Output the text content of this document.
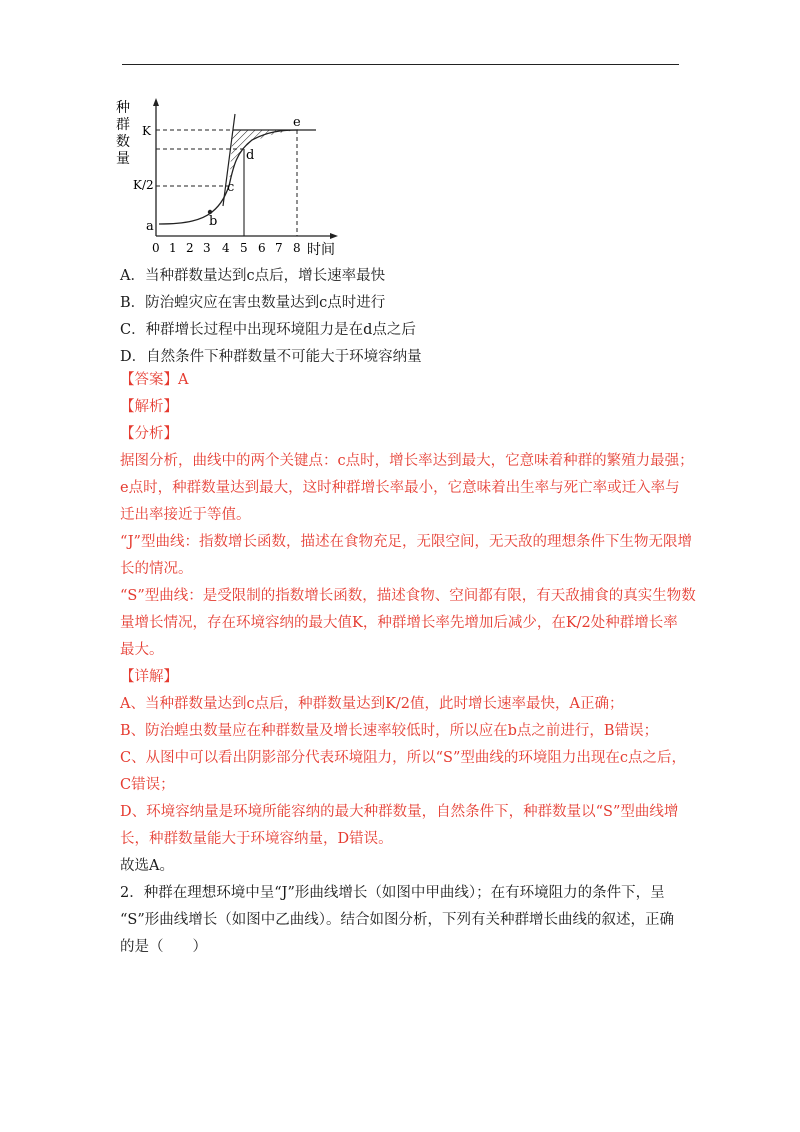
种
群
数
量
K
K/2
a	b
c
d
e
0 1 2 3 4 5 6 7 8 时间
A．当种群数量达到c点后，增长速率最快
B．防治蝗灾应在害虫数量达到c点时进行
C．种群增长过程中出现环境阻力是在d点之后
D．自然条件下种群数量不可能大于环境容纳量
【答案】A
【解析】
【分析】
据图分析，曲线中的两个关键点：c点时，增长率达到最大，它意味着种群的繁殖力最强；
e点时，种群数量达到最大，这时种群增长率最小，它意味着出生率与死亡率或迁入率与
迁出率接近于等值。
“J”型曲线：指数增长函数，描述在食物充足，无限空间，无天敌的理想条件下生物无限增
长的情况。
“S”型曲线：是受限制的指数增长函数，描述食物、空间都有限，有天敌捕食的真实生物数
量增长情况，存在环境容纳的最大值K，种群增长率先增加后减少，在K/2处种群增长率
最大。
【详解】
A、当种群数量达到c点后，种群数量达到K/2值，此时增长速率最快，A正确；
B、防治蝗虫数量应在种群数量及增长速率较低时，所以应在b点之前进行，B错误；
C、从图中可以看出阴影部分代表环境阻力，所以“S”型曲线的环境阻力出现在c点之后，
C错误；
D、环境容纳量是环境所能容纳的最大种群数量，自然条件下，种群数量以“S”型曲线增
长，种群数量能大于环境容纳量，D错误。
故选A。
2．种群在理想环境中呈“J”形曲线增长（如图中甲曲线）；在有环境阻力的条件下，呈
“S”形曲线增长（如图中乙曲线）。结合如图分析，下列有关种群增长曲线的叙述，正确
的是（　　）
